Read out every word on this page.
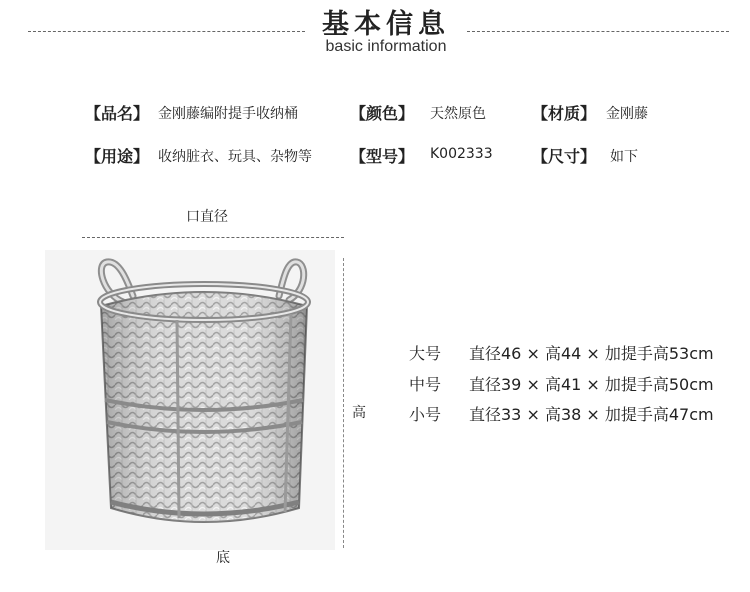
基本信息
basic information
【品名】 金刚藤编附提手收纳桶	【颜色】 天然原色	【材质】 金刚藤
【用途】 收纳脏衣、玩具、杂物等 【型号】 K002333 【尺寸】 如下
口直径
高
底
大号 直径46 × 高44 × 加提手高53cm
中号 直径39 × 高41 × 加提手高50cm
小号 直径33 × 高38 × 加提手高47cm
